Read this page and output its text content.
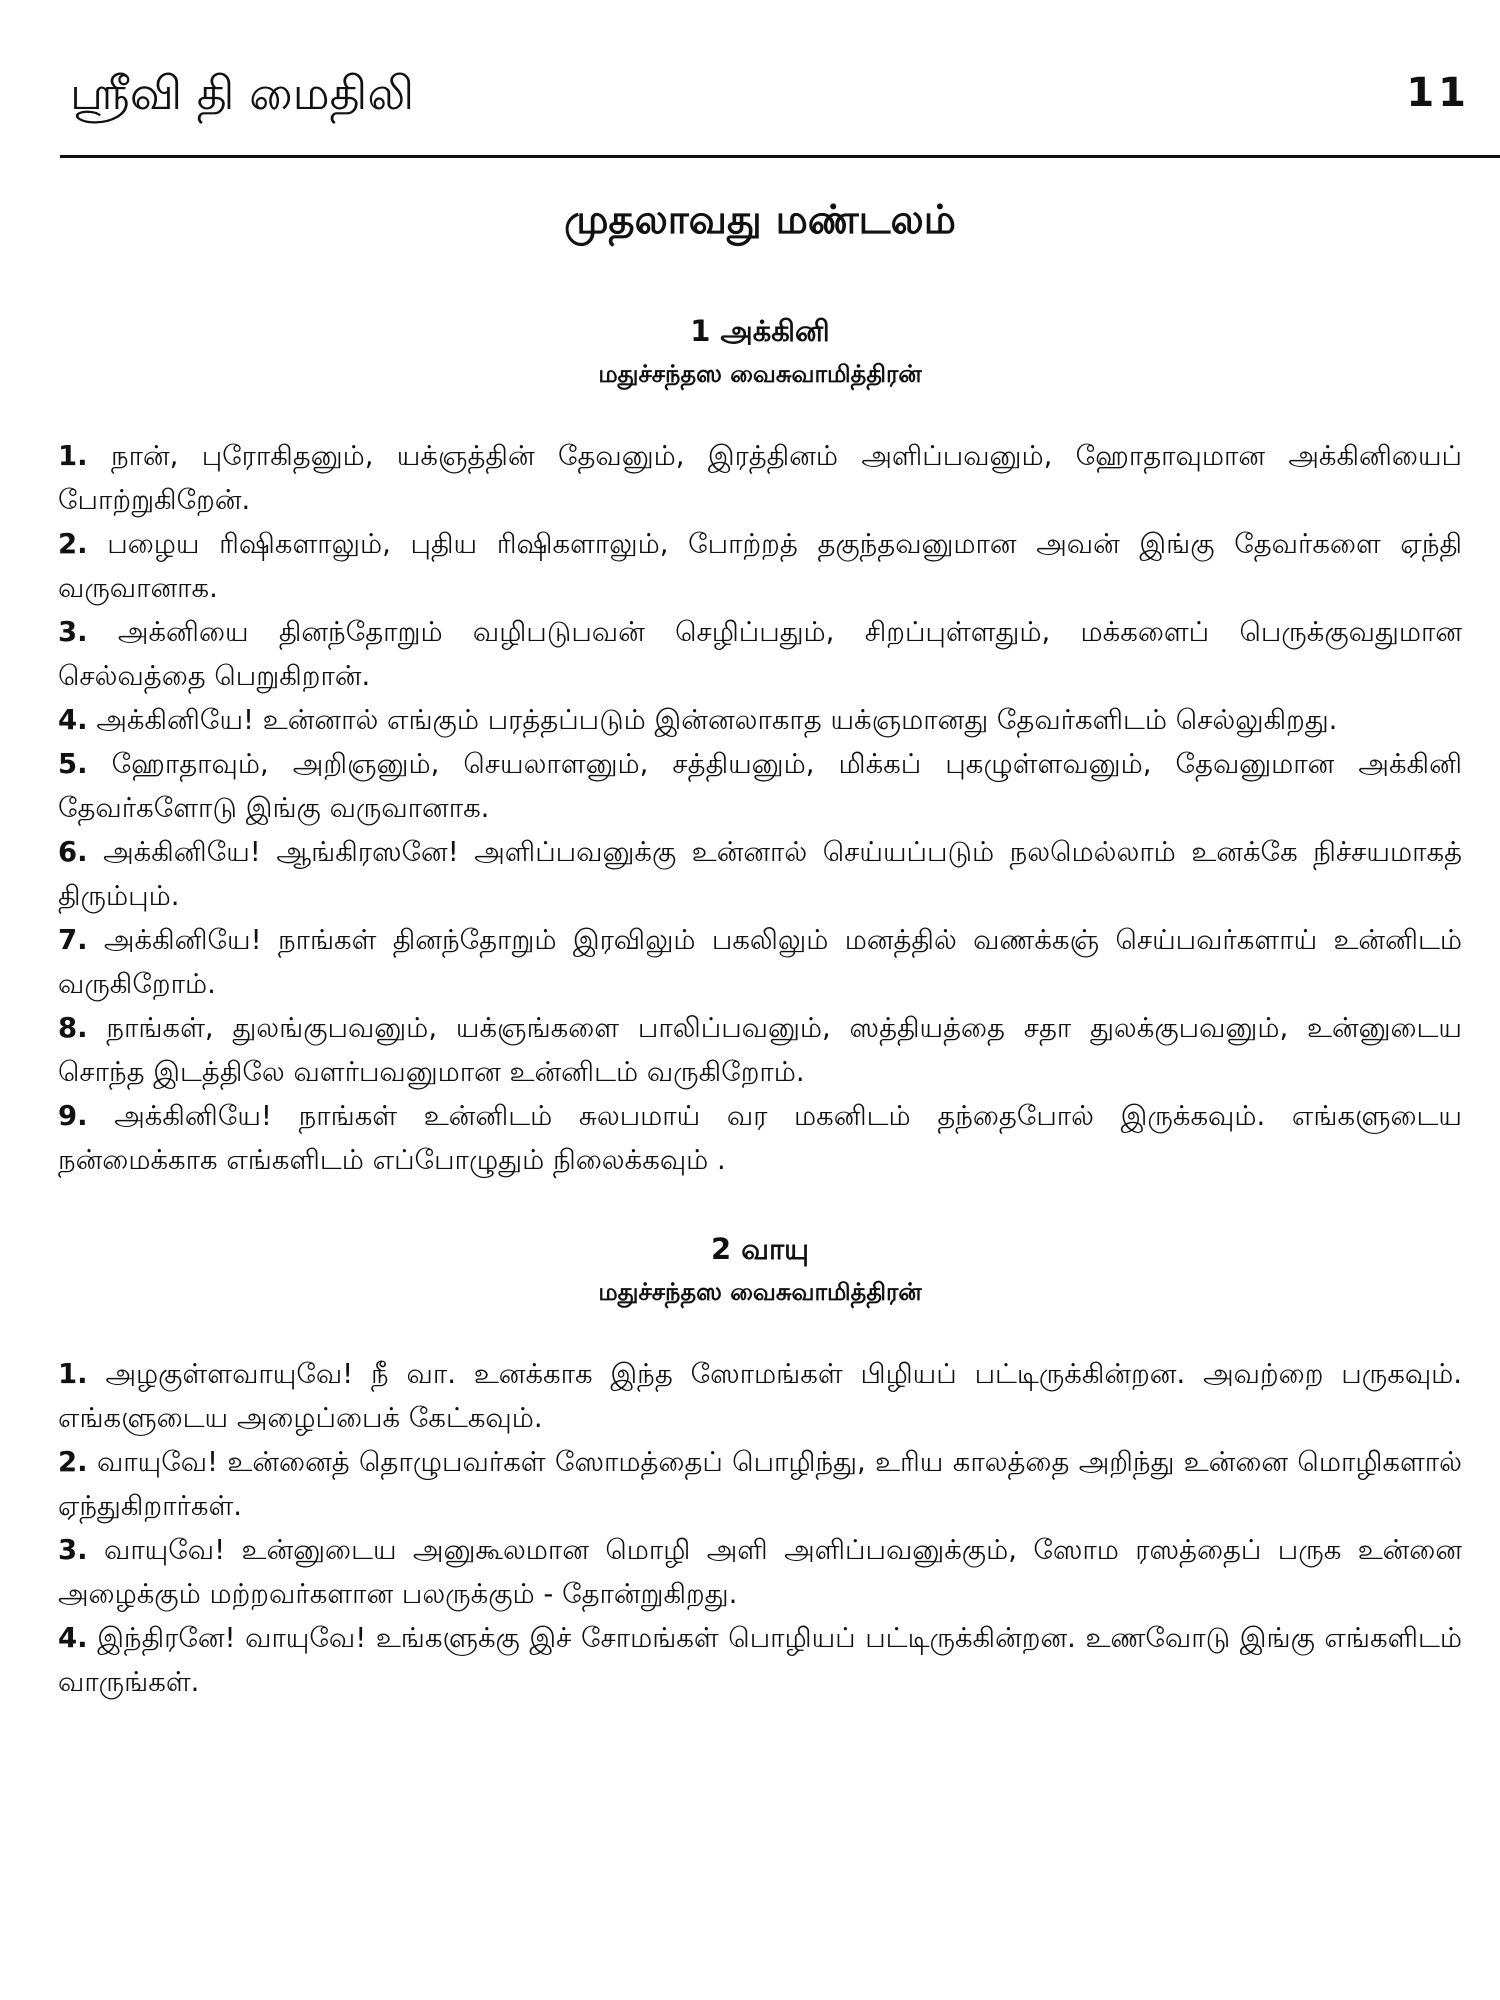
ஸ்ரீவி தி மைதிலி	11
முதலாவது மண்டலம்
1 அக்கினி
மதுச்சந்தஸ வைசுவாமித்திரன்

1. நான், புரோகிதனும், யக்ஞத்தின் தேவனும், இரத்தினம் அளிப்பவனும், ஹோதாவுமான அக்கினியைப் போற்றுகிறேன்.

2. பழைய ரிஷிகளாலும், புதிய ரிஷிகளாலும், போற்றத் தகுந்தவனுமான அவன் இங்கு தேவர்களை ஏந்தி வருவானாக.

3. அக்னியை தினந்தோறும் வழிபடுபவன் செழிப்பதும், சிறப்புள்ளதும், மக்களைப் பெருக்குவதுமான செல்வத்தை பெறுகிறான்.

4. அக்கினியே! உன்னால் எங்கும் பரத்தப்படும் இன்னலாகாத யக்ஞமானது தேவர்களிடம் செல்லுகிறது.

5. ஹோதாவும், அறிஞனும், செயலாளனும், சத்தியனும், மிக்கப் புகழுள்ளவனும், தேவனுமான அக்கினி தேவர்களோடு இங்கு வருவானாக.

6. அக்கினியே! ஆங்கிரஸனே! அளிப்பவனுக்கு உன்னால் செய்யப்படும் நலமெல்லாம் உனக்கே நிச்சயமாகத் திரும்பும்.

7. அக்கினியே! நாங்கள் தினந்தோறும் இரவிலும் பகலிலும் மனத்தில் வணக்கஞ் செய்பவர்களாய் உன்னிடம் வருகிறோம்.

8. நாங்கள், துலங்குபவனும், யக்ஞங்களை பாலிப்பவனும், ஸத்தியத்தை சதா துலக்குபவனும், உன்னுடைய சொந்த இடத்திலே வளர்பவனுமான உன்னிடம் வருகிறோம்.

9. அக்கினியே! நாங்கள் உன்னிடம் சுலபமாய் வர மகனிடம் தந்தைபோல் இருக்கவும். எங்களுடைய நன்மைக்காக எங்களிடம் எப்போழுதும் நிலைக்கவும் .

2 வாயு
மதுச்சந்தஸ வைசுவாமித்திரன்

1. அழகுள்ளவாயுவே! நீ வா. உனக்காக இந்த ஸோமங்கள் பிழியப் பட்டிருக்கின்றன. அவற்றை பருகவும். எங்களுடைய அழைப்பைக் கேட்கவும்.

2. வாயுவே! உன்னைத் தொழுபவர்கள் ஸோமத்தைப் பொழிந்து, உரிய காலத்தை அறிந்து உன்னை மொழிகளால் ஏந்துகிறார்கள்.

3. வாயுவே! உன்னுடைய அனுகூலமான மொழி அளி அளிப்பவனுக்கும், ஸோம ரஸத்தைப் பருக உன்னை அழைக்கும் மற்றவர்களான பலருக்கும் - தோன்றுகிறது.

4. இந்திரனே! வாயுவே! உங்களுக்கு இச் சோமங்கள் பொழியப் பட்டிருக்கின்றன. உணவோடு இங்கு எங்களிடம் வாருங்கள்.
